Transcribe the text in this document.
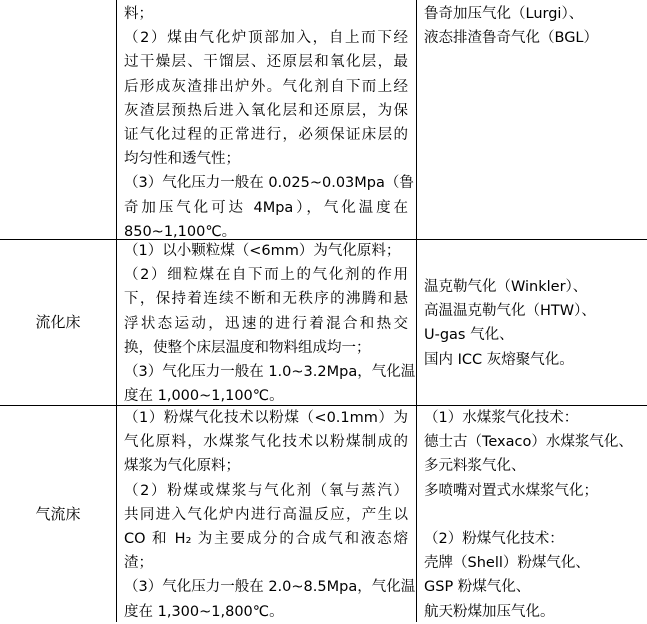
料；
（2）煤由气化炉顶部加入，自上而下经
过干燥层、干馏层、还原层和氧化层，最
后形成灰渣排出炉外。气化剂自下而上经
灰渣层预热后进入氧化层和还原层，为保
证气化过程的正常进行，必须保证床层的
均匀性和透气性；
（3）气化压力一般在 0.025~0.03Mpa（鲁
奇加压气化可达 4Mpa），气化温度在
850~1,100℃。
鲁奇加压气化（Lurgi）、
液态排渣鲁奇气化（BGL）
流化床
（1）以小颗粒煤（<6mm）为气化原料；
（2）细粒煤在自下而上的气化剂的作用
下，保持着连续不断和无秩序的沸腾和悬
浮状态运动，迅速的进行着混合和热交
换，使整个床层温度和物料组成均一；
（3）气化压力一般在 1.0~3.2Mpa，气化温
度在 1,000~1,100℃。
温克勒气化（Winkler）、
高温温克勒气化（HTW）、
U-gas 气化、
国内 ICC 灰熔聚气化。
气流床
（1）粉煤气化技术以粉煤（<0.1mm）为
气化原料，水煤浆气化技术以粉煤制成的
煤浆为气化原料；
（2）粉煤或煤浆与气化剂（氧与蒸汽）
共同进入气化炉内进行高温反应，产生以
CO 和 H₂ 为主要成分的合成气和液态熔
渣；
（3）气化压力一般在 2.0~8.5Mpa，气化温
度在 1,300~1,800℃。
（1）水煤浆气化技术：
德士古（Texaco）水煤浆气化、
多元料浆气化、
多喷嘴对置式水煤浆气化；
（2）粉煤气化技术：
壳牌（Shell）粉煤气化、
GSP 粉煤气化、
航天粉煤加压气化。
